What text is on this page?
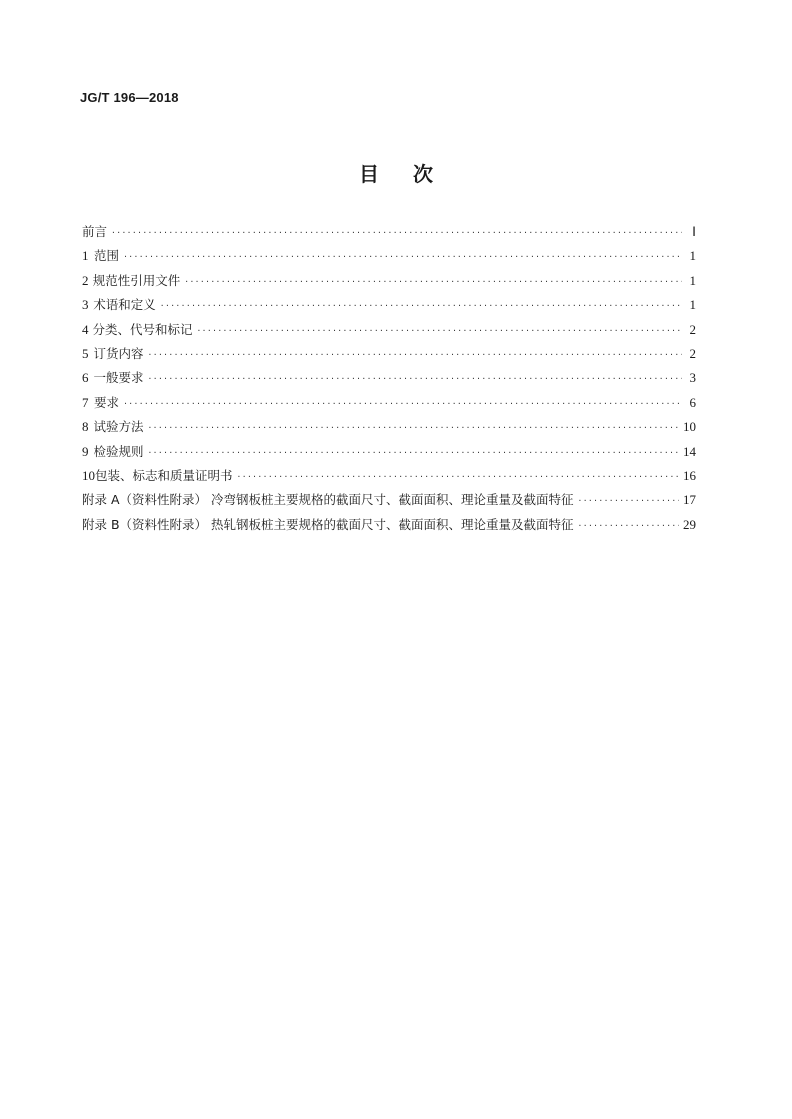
JG/T 196—2018
目 次
前言 ·····	Ⅰ
1 范围 ·····	1
2 规范性引用文件 ·····	1
3 术语和定义 ·····	1
4 分类、代号和标记 ·····	2
5 订货内容 ·····	2
6 一般要求 ·····	3
7 要求 ·····	6
8 试验方法 ·····	10
9 检验规则 ·····	14
10 包装、标志和质量证明书 ·····	16
附录 A（资料性附录） 冷弯钢板桩主要规格的截面尺寸、截面面积、理论重量及截面特征 ·····	17
附录 B（资料性附录） 热轧钢板桩主要规格的截面尺寸、截面面积、理论重量及截面特征 ·····	29
